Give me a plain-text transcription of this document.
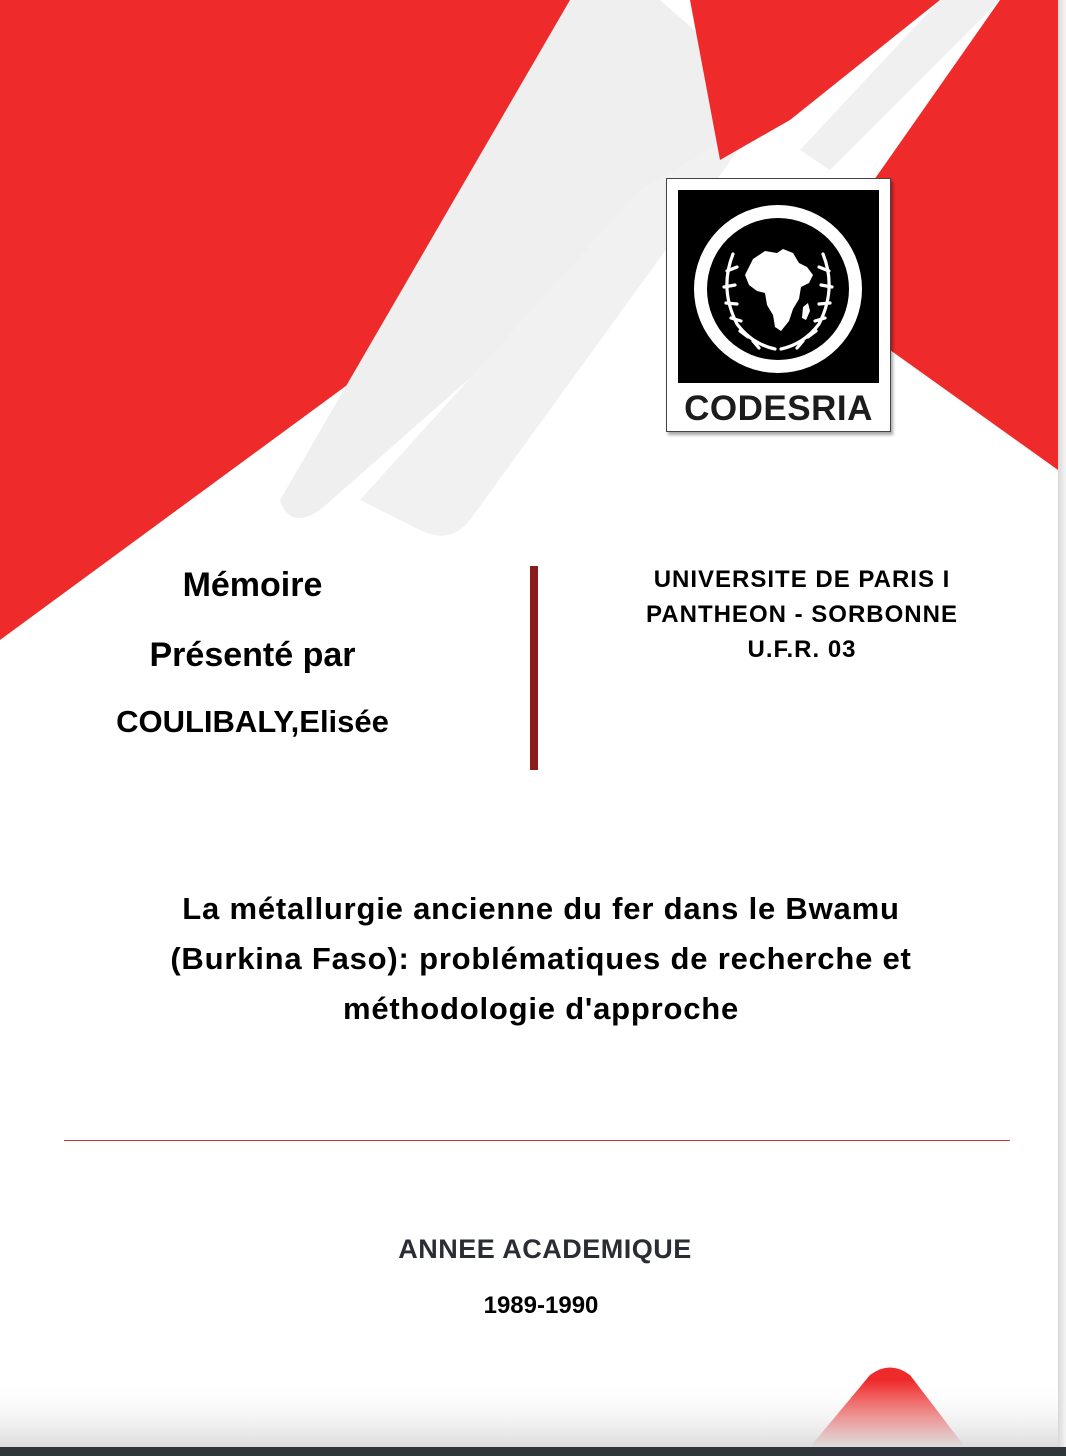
CODESRIA
Mémoire
Présenté par
COULIBALY,Elisée
UNIVERSITE DE PARIS I
PANTHEON - SORBONNE
U.F.R. 03
La métallurgie ancienne du fer dans le Bwamu
(Burkina Faso): problématiques de recherche et
méthodologie d'approche
ANNEE ACADEMIQUE
1989-1990
